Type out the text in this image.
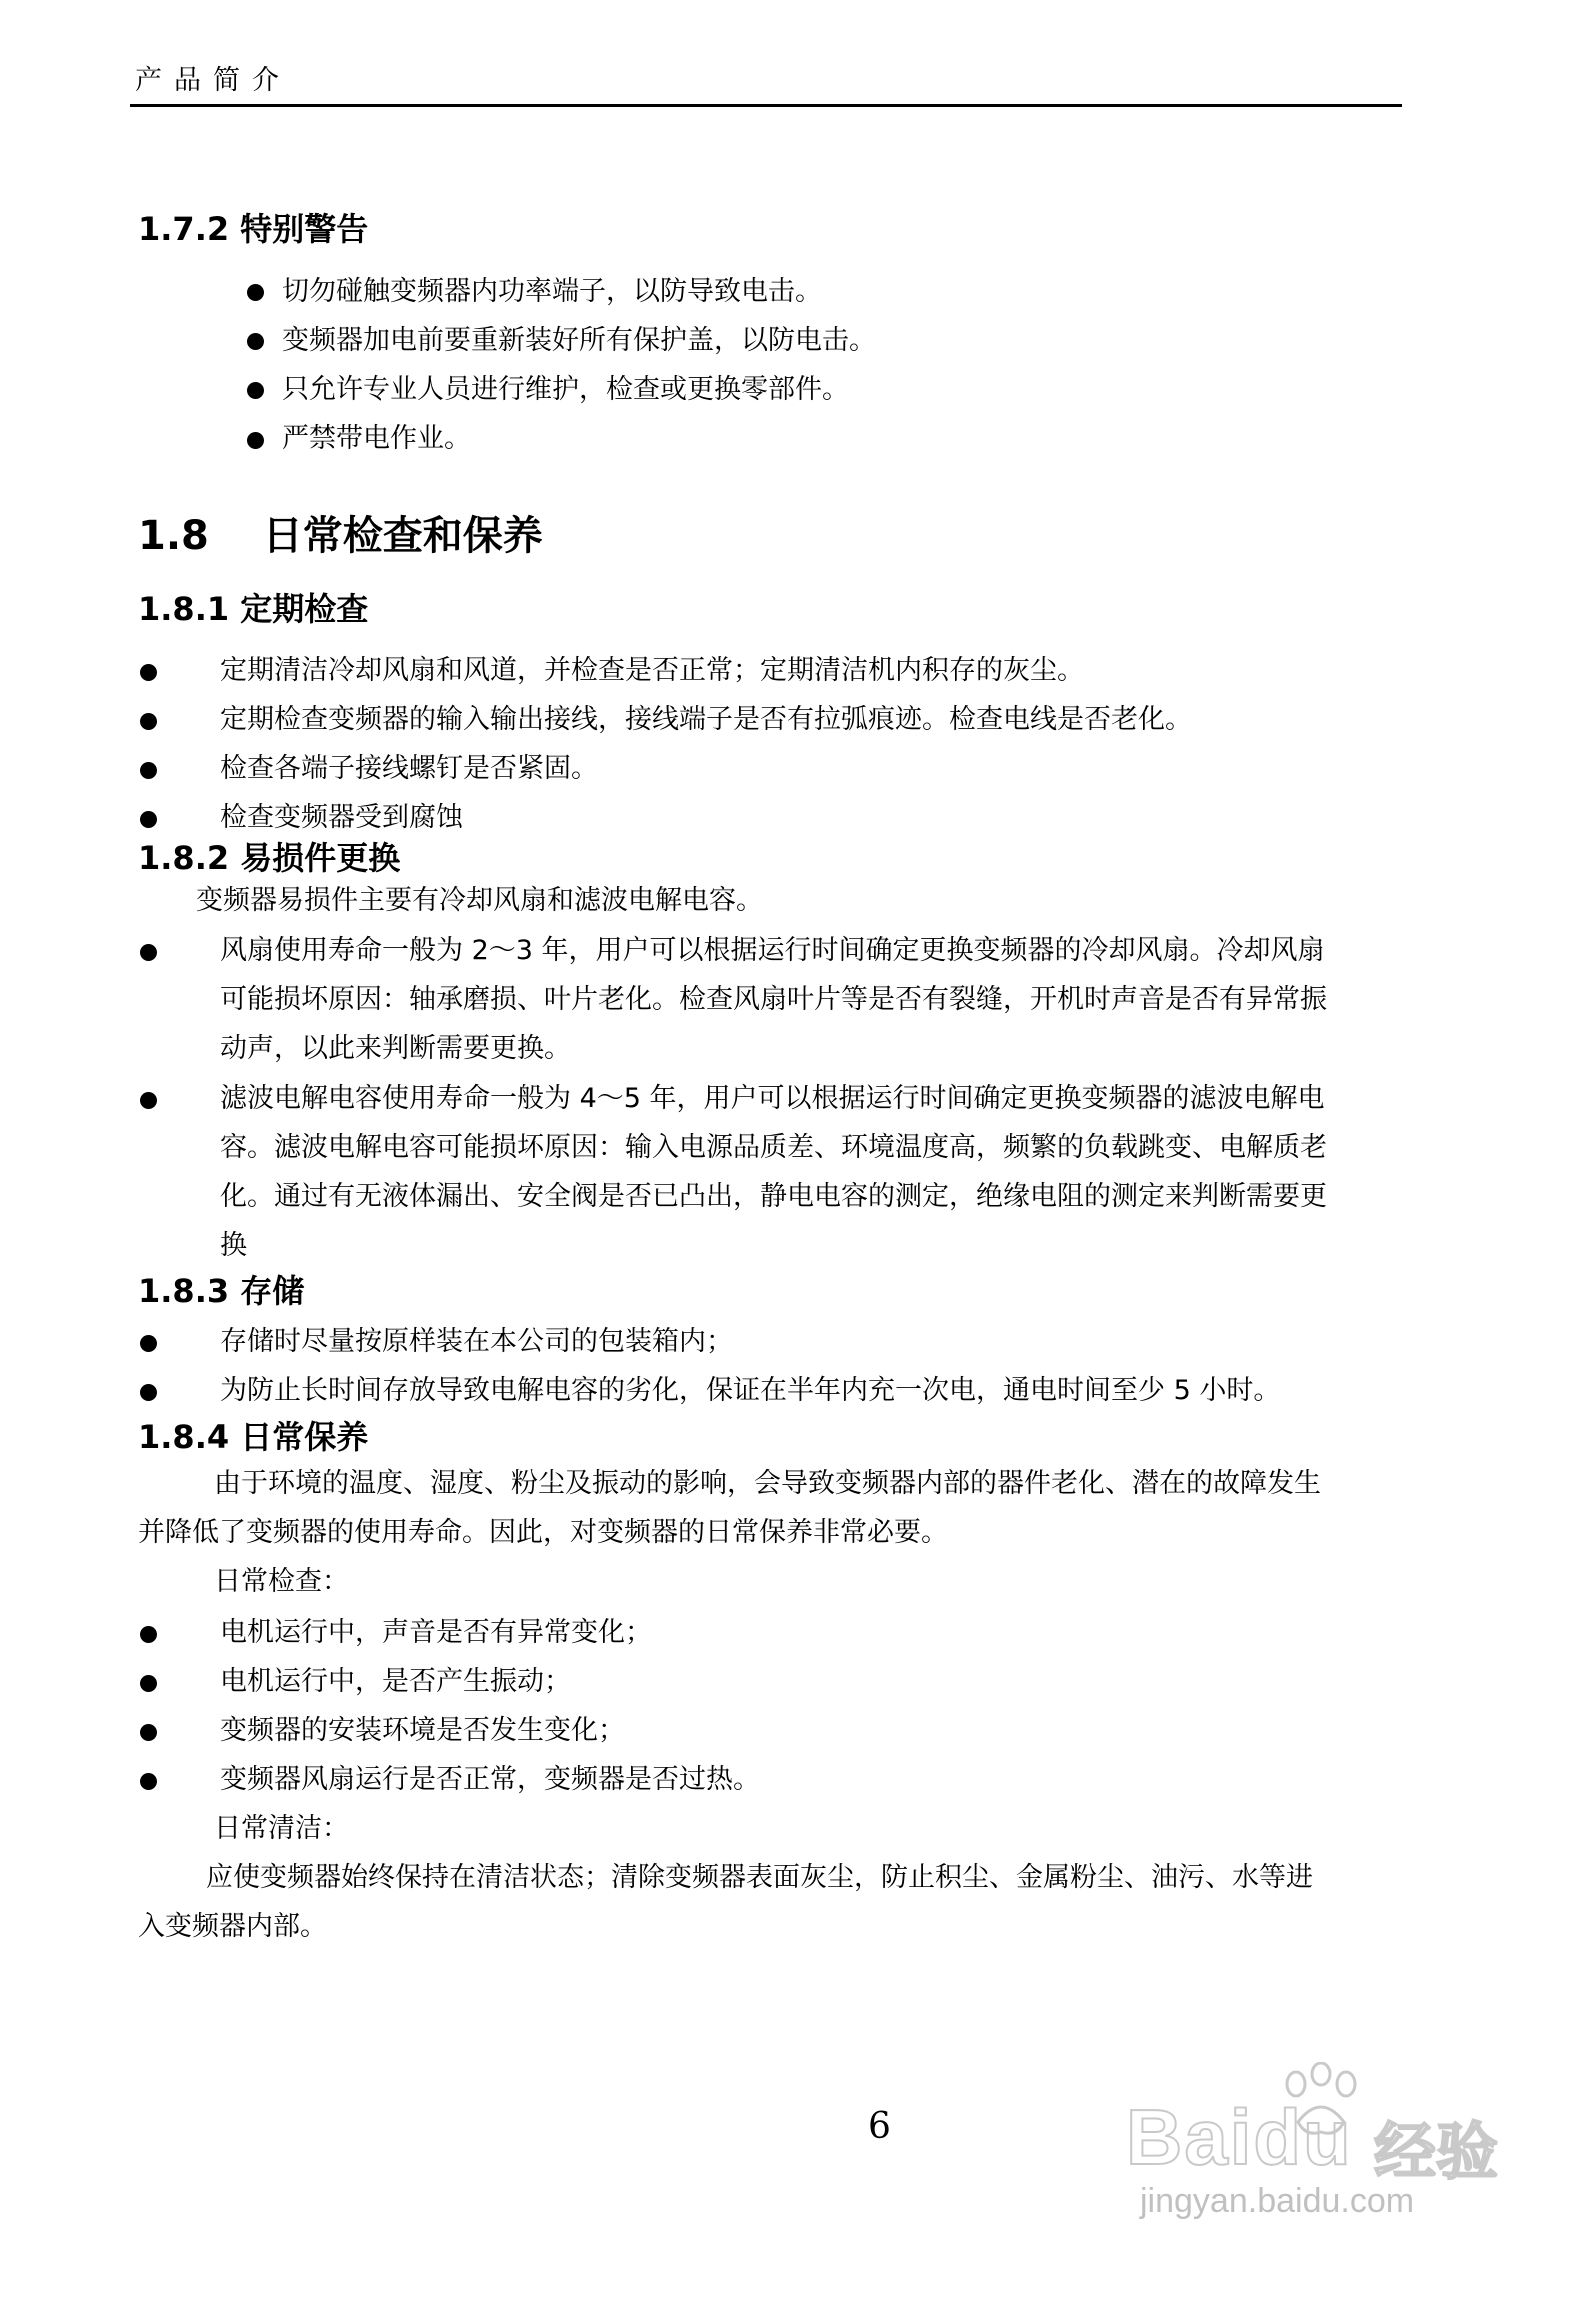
产品简介
1.7.2 特别警告
切勿碰触变频器内功率端子，以防导致电击。
变频器加电前要重新装好所有保护盖，以防电击。
只允许专业人员进行维护，检查或更换零部件。
严禁带电作业。
1.8　 日常检查和保养
1.8.1 定期检查
定期清洁冷却风扇和风道，并检查是否正常；定期清洁机内积存的灰尘。
定期检查变频器的输入输出接线，接线端子是否有拉弧痕迹。检查电线是否老化。
检查各端子接线螺钉是否紧固。
检查变频器受到腐蚀
1.8.2 易损件更换
变频器易损件主要有冷却风扇和滤波电解电容。
风扇使用寿命一般为 2～3 年，用户可以根据运行时间确定更换变频器的冷却风扇。冷却风扇
可能损坏原因：轴承磨损、叶片老化。检查风扇叶片等是否有裂缝，开机时声音是否有异常振
动声，以此来判断需要更换。
滤波电解电容使用寿命一般为 4～5 年，用户可以根据运行时间确定更换变频器的滤波电解电
容。滤波电解电容可能损坏原因：输入电源品质差、环境温度高，频繁的负载跳变、电解质老
化。通过有无液体漏出、安全阀是否已凸出，静电电容的测定，绝缘电阻的测定来判断需要更
换
1.8.3 存储
存储时尽量按原样装在本公司的包装箱内；
为防止长时间存放导致电解电容的劣化，保证在半年内充一次电，通电时间至少 5 小时。
1.8.4 日常保养
由于环境的温度、湿度、粉尘及振动的影响，会导致变频器内部的器件老化、潜在的故障发生
并降低了变频器的使用寿命。因此，对变频器的日常保养非常必要。
日常检查：
电机运行中，声音是否有异常变化；
电机运行中，是否产生振动；
变频器的安装环境是否发生变化；
变频器风扇运行是否正常，变频器是否过热。
日常清洁：
应使变频器始终保持在清洁状态；清除变频器表面灰尘，防止积尘、金属粉尘、油污、水等进
入变频器内部。
6	Baidu 经验
jingyan.baidu.com
